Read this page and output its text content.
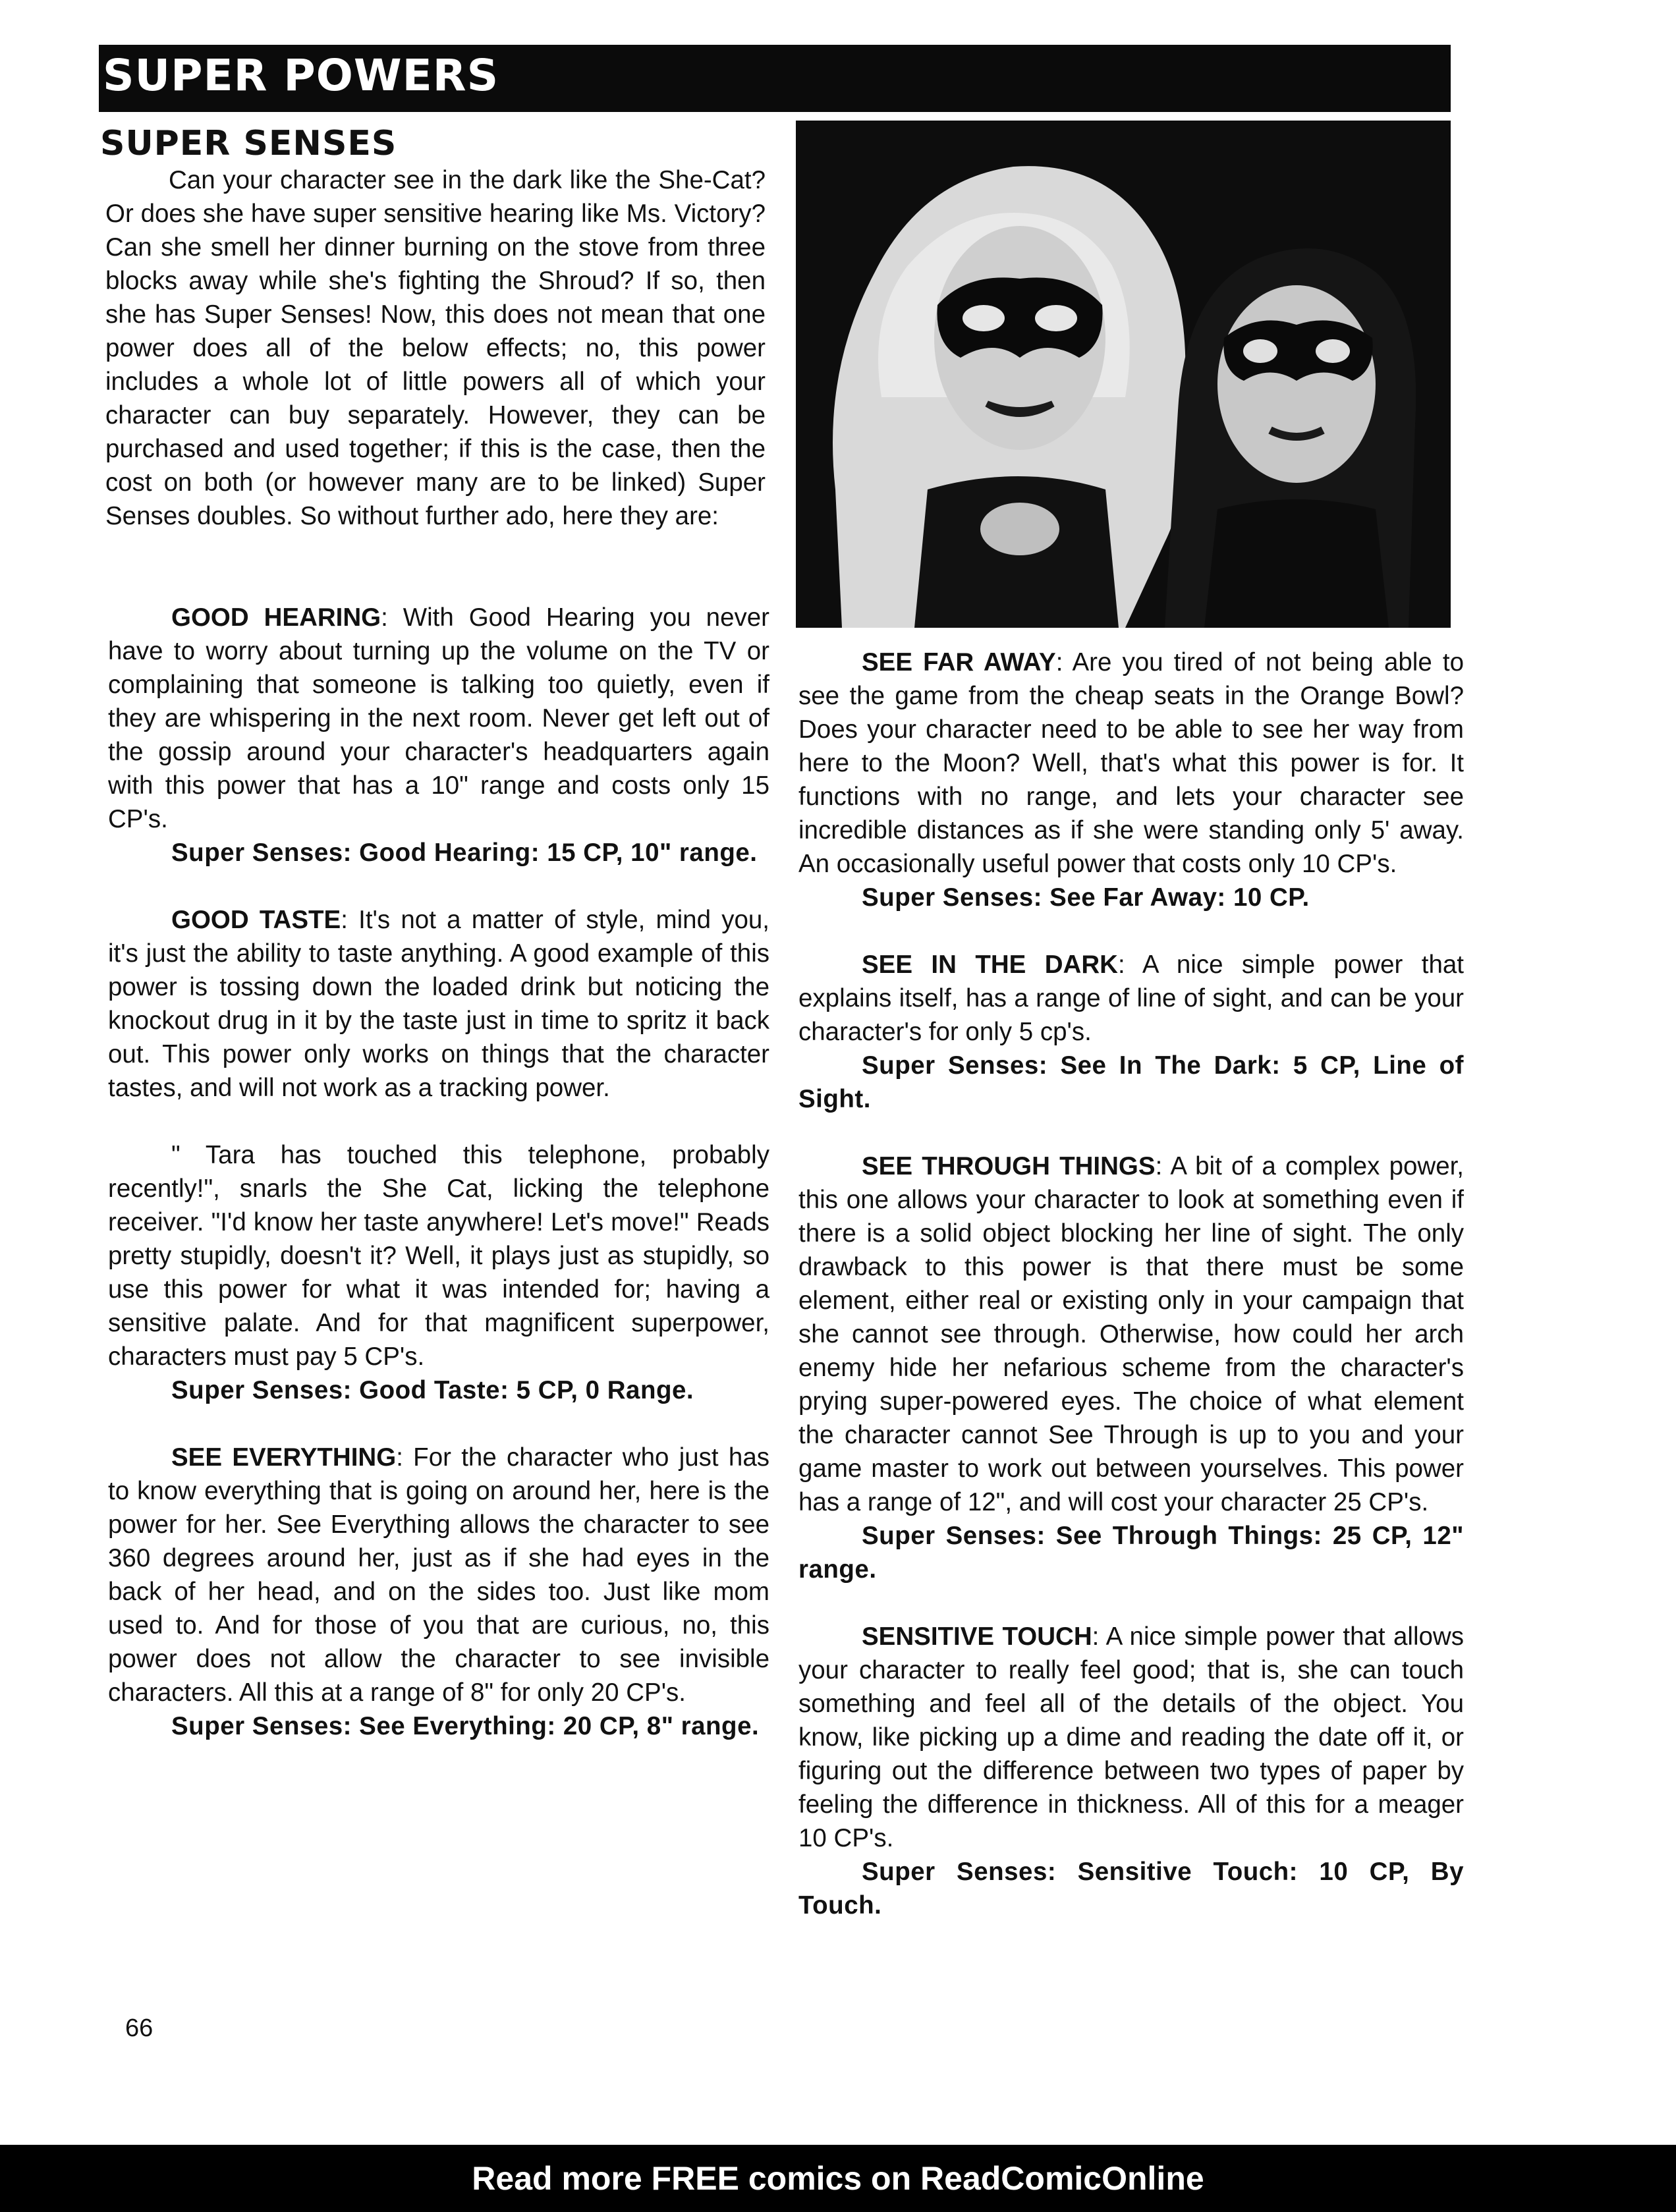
SUPER POWERS
SUPER SENSES

Can your character see in the dark like the She-Cat? Or does she have super sensitive hearing like Ms. Victory? Can she smell her dinner burning on the stove from three blocks away while she's fighting the Shroud? If so, then she has Super Senses! Now, this does not mean that one power does all of the below effects; no, this power includes a whole lot of little powers all of which your character can buy separately. However, they can be purchased and used together; if this is the case, then the cost on both (or however many are to be linked) Super Senses doubles. So without further ado, here they are:

GOOD HEARING: With Good Hearing you never have to worry about turning up the volume on the TV or complaining that someone is talking too quietly, even if they are whispering in the next room. Never get left out of the gossip around your character's headquarters again with this power that has a 10" range and costs only 15 CP's.

Super Senses: Good Hearing: 15 CP, 10" range.

GOOD TASTE: It's not a matter of style, mind you, it's just the ability to taste anything. A good example of this power is tossing down the loaded drink but noticing the knockout drug in it by the taste just in time to spritz it back out. This power only works on things that the character tastes, and will not work as a tracking power.

" Tara has touched this telephone, probably recently!", snarls the She Cat, licking the telephone receiver. "I'd know her taste anywhere! Let's move!" Reads pretty stupidly, doesn't it? Well, it plays just as stupidly, so use this power for what it was intended for; having a sensitive palate. And for that magnificent superpower, characters must pay 5 CP's.

Super Senses: Good Taste: 5 CP, 0 Range.

SEE EVERYTHING: For the character who just has to know everything that is going on around her, here is the power for her. See Everything allows the character to see 360 degrees around her, just as if she had eyes in the back of her head, and on the sides too. Just like mom used to. And for those of you that are curious, no, this power does not allow the character to see invisible characters. All this at a range of 8" for only 20 CP's.

Super Senses: See Everything: 20 CP, 8" range.

SEE FAR AWAY: Are you tired of not being able to see the game from the cheap seats in the Orange Bowl? Does your character need to be able to see her way from here to the Moon? Well, that's what this power is for. It functions with no range, and lets your character see incredible distances as if she were standing only 5' away. An occasionally useful power that costs only 10 CP's.

Super Senses: See Far Away: 10 CP.

SEE IN THE DARK: A nice simple power that explains itself, has a range of line of sight, and can be your character's for only 5 cp's.

Super Senses: See In The Dark: 5 CP, Line of Sight.

SEE THROUGH THINGS: A bit of a complex power, this one allows your character to look at something even if there is a solid object blocking her line of sight. The only drawback to this power is that there must be some element, either real or existing only in your campaign that she cannot see through. Otherwise, how could her arch enemy hide her nefarious scheme from the character's prying super-powered eyes. The choice of what element the character cannot See Through is up to you and your game master to work out between yourselves. This power has a range of 12", and will cost your character 25 CP's.

Super Senses: See Through Things: 25 CP, 12" range.

SENSITIVE TOUCH: A nice simple power that allows your character to really feel good; that is, she can touch something and feel all of the details of the object. You know, like picking up a dime and reading the date off it, or figuring out the difference between two types of paper by feeling the difference in thickness. All of this for a meager 10 CP's.

Super Senses: Sensitive Touch: 10 CP, By Touch.

66
Read more FREE comics on ReadComicOnline
